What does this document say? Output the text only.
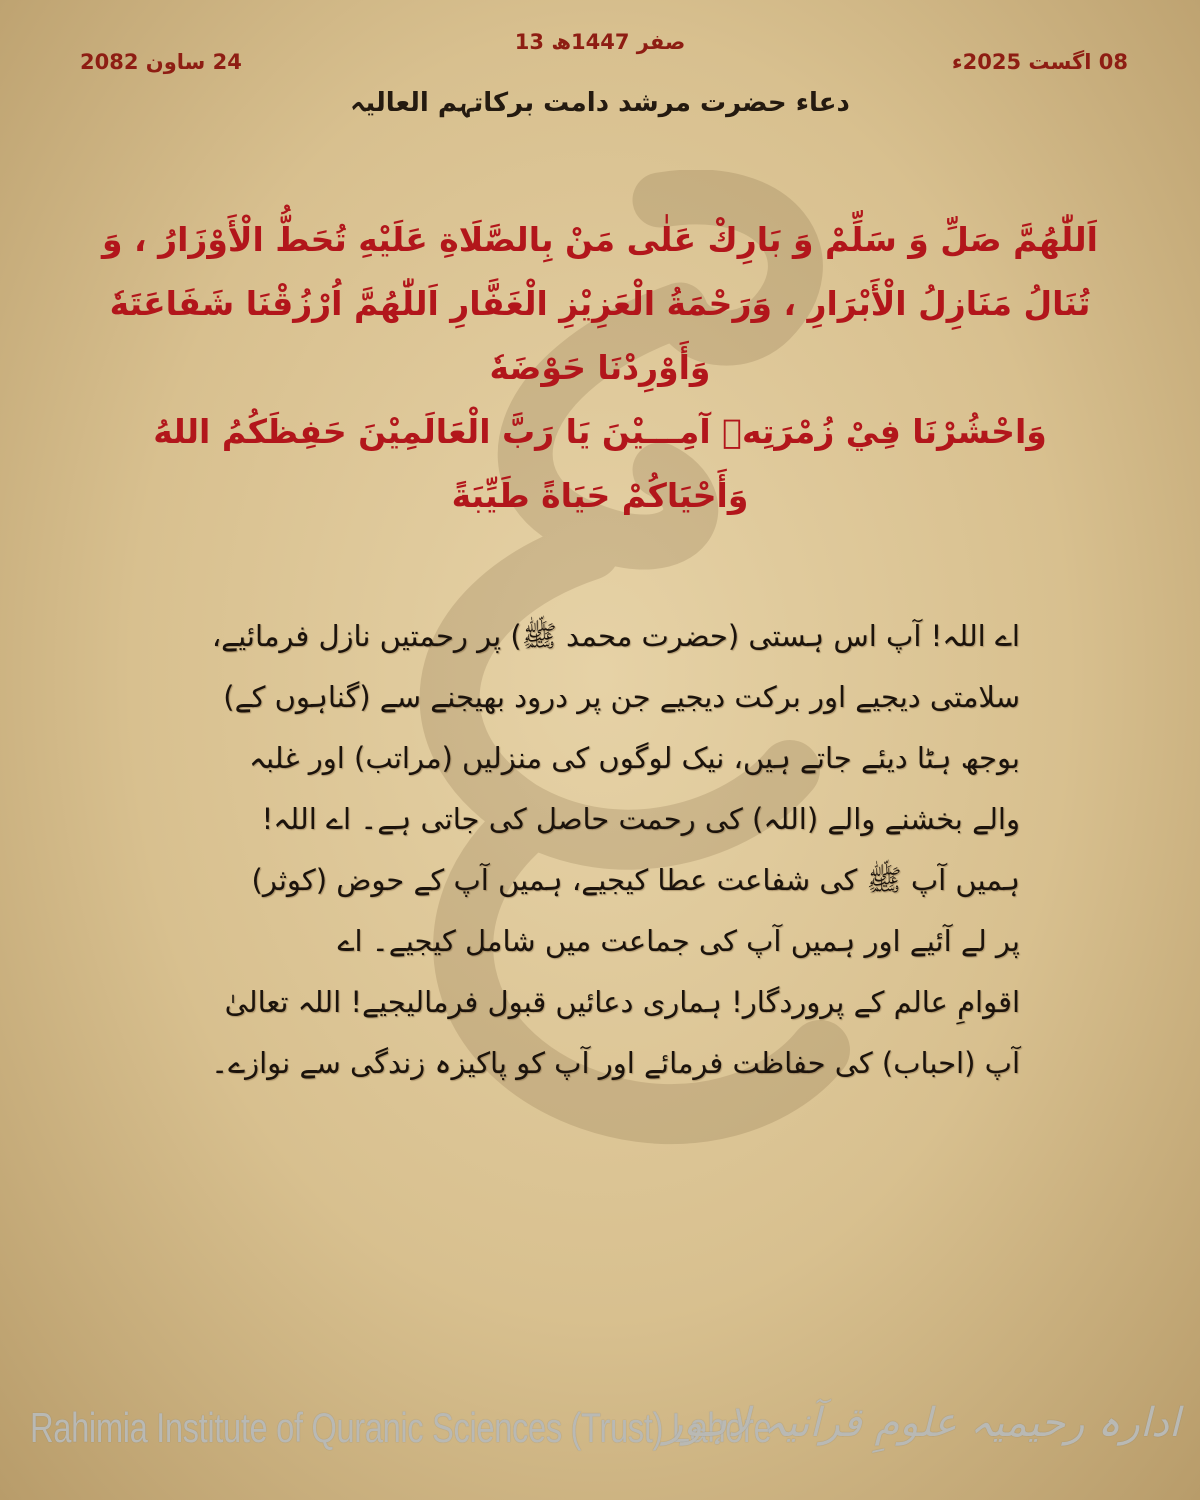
13 صفر 1447ھ
08 اگست 2025ء
24 ساون 2082
دعاء حضرت مرشد دامت برکاتہم العالیہ
اَللّٰهُمَّ صَلِّ وَ سَلِّمْ وَ بَارِكْ عَلٰى مَنْ بِالصَّلَاةِ عَلَيْهِ تُحَطُّ الْأَوْزَارُ ، وَ
تُنَالُ مَنَازِلُ الْأَبْرَارِ ، وَرَحْمَةُ الْعَزِيْزِ الْغَفَّارِ اَللّٰهُمَّ اُرْزُقْنَا شَفَاعَتَهٗ وَأَوْرِدْنَا حَوْضَهٗ
وَاحْشُرْنَا فِيْ زُمْرَتِهٖ آمِـــيْنَ يَا رَبَّ الْعَالَمِيْنَ حَفِظَكُمُ اللهُ وَأَحْيَاكُمْ حَيَاةً طَيِّبَةً
اے اللہ! آپ اس ہستی (حضرت محمد ﷺ) پر رحمتیں نازل فرمائیے،
سلامتی دیجیے اور برکت دیجیے جن پر درود بھیجنے سے (گناہوں کے)
بوجھ ہٹا دیئے جاتے ہیں، نیک لوگوں کی منزلیں (مراتب) اور غلبہ
والے بخشنے والے (اللہ) کی رحمت حاصل کی جاتی ہے۔ اے اللہ!
ہمیں آپ ﷺ کی شفاعت عطا کیجیے، ہمیں آپ کے حوض (کوثر)
پر لے آئیے اور ہمیں آپ کی جماعت میں شامل کیجیے۔ اے
اقوامِ عالم کے پروردگار! ہماری دعائیں قبول فرمالیجیے! اللہ تعالیٰ
آپ (احباب) کی حفاظت فرمائے اور آپ کو پاکیزہ زندگی سے نوازے۔
Rahimia Institute of Quranic Sciences (Trust) Lahore
ادارہ رحیمیہ علومِ قرآنیہ لاہور
